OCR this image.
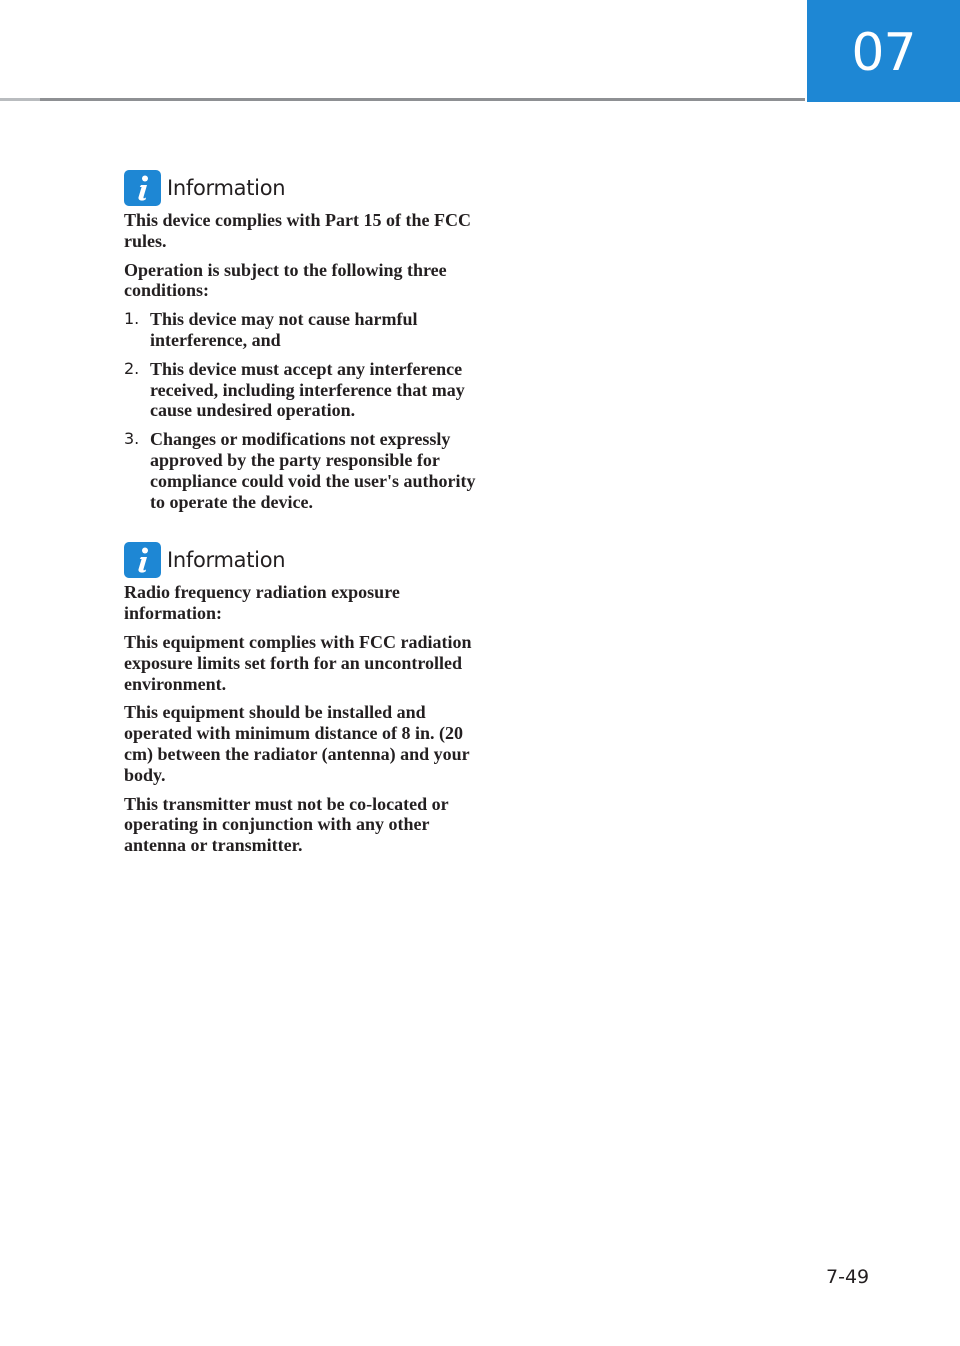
07
Information

This device complies with Part 15 of the FCC rules.

Operation is subject to the following three conditions:

1. This device may not cause harmful interference, and
2. This device must accept any interference received, including interference that may cause undesired operation.
3. Changes or modifications not expressly approved by the party responsible for compliance could void the user's authority to operate the device.
Information

Radio frequency radiation exposure information:

This equipment complies with FCC radiation exposure limits set forth for an uncontrolled environment.

This equipment should be installed and operated with minimum distance of 8 in. (20 cm) between the radiator (antenna) and your body.

This transmitter must not be co-located or operating in conjunction with any other antenna or transmitter.

7-49
